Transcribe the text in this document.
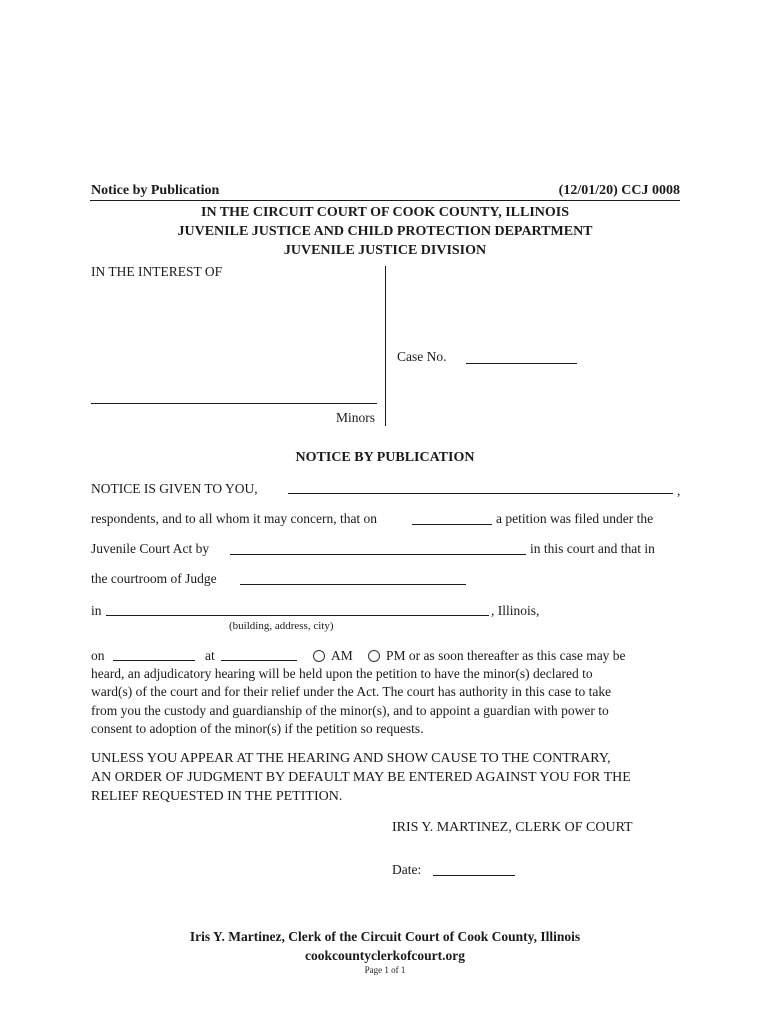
Notice by Publication	(12/01/20) CCJ 0008
IN THE CIRCUIT COURT OF COOK COUNTY, ILLINOIS
JUVENILE JUSTICE AND CHILD PROTECTION DEPARTMENT
JUVENILE JUSTICE DIVISION
IN THE INTEREST OF
Case No.
Minors
NOTICE BY PUBLICATION
NOTICE IS GIVEN TO YOU,	,
respondents, and to all whom it may concern, that on	a petition was filed under the
Juvenile Court Act by	in this court and that in
the courtroom of Judge
in	, Illinois,
(building, address, city)
on	at	AM PM or as soon thereafter as this case may be
heard, an adjudicatory hearing will be held upon the petition to have the minor(s) declared to
ward(s) of the court and for their relief under the Act. The court has authority in this case to take
from you the custody and guardianship of the minor(s), and to appoint a guardian with power to
consent to adoption of the minor(s) if the petition so requests.
UNLESS YOU APPEAR AT THE HEARING AND SHOW CAUSE TO THE CONTRARY,
AN ORDER OF JUDGMENT BY DEFAULT MAY BE ENTERED AGAINST YOU FOR THE
RELIEF REQUESTED IN THE PETITION.
IRIS Y. MARTINEZ, CLERK OF COURT
Date:
Iris Y. Martinez, Clerk of the Circuit Court of Cook County, Illinois
cookcountyclerkofcourt.org
Page 1 of 1
